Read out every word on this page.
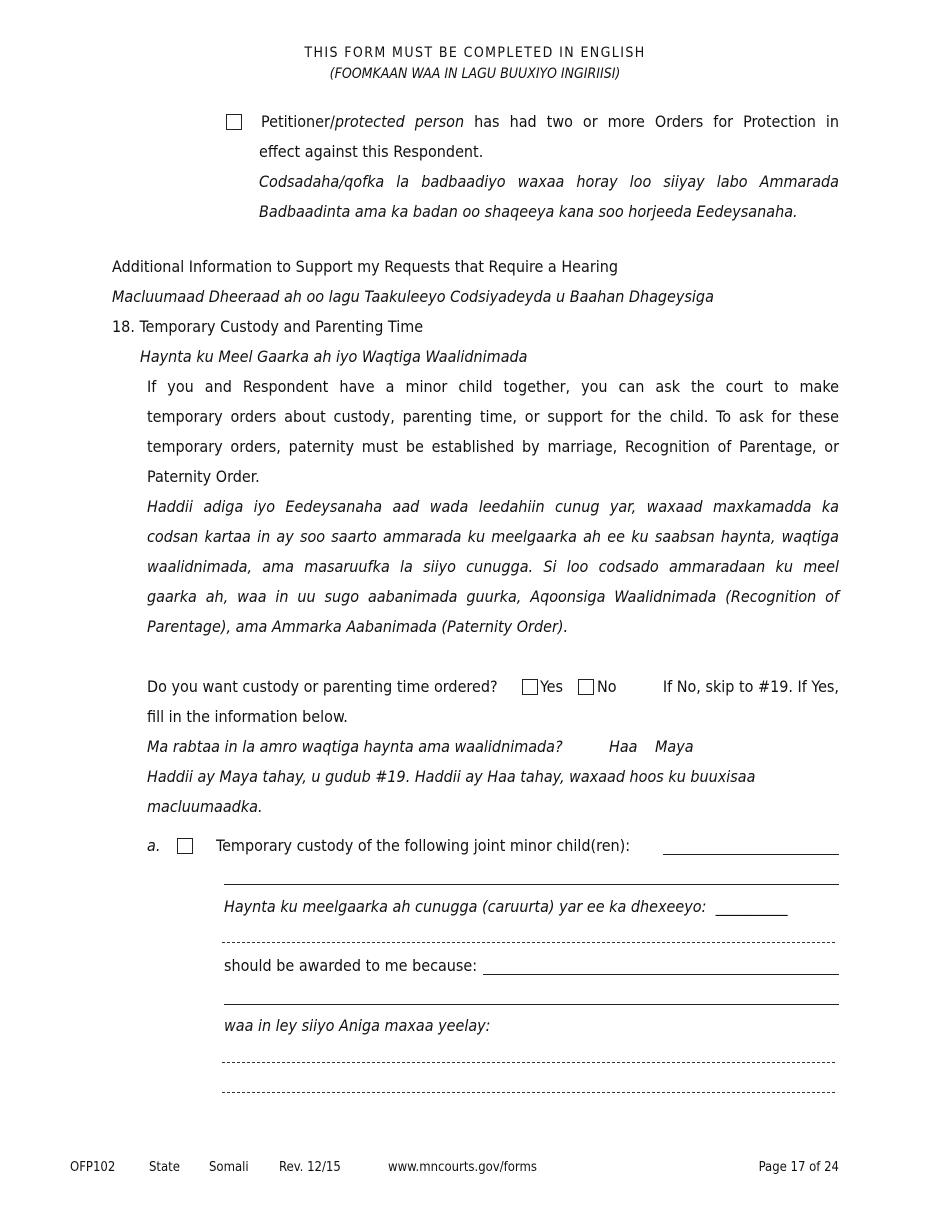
THIS FORM MUST BE COMPLETED IN ENGLISH
(FOOMKAAN WAA IN LAGU BUUXIYO INGIRIISI)
Petitioner/protected person has had two or more Orders for Protection in
effect against this Respondent.
Codsadaha/qofka la badbaadiyo waxaa horay loo siiyay labo Ammarada
Badbaadinta ama ka badan oo shaqeeya kana soo horjeeda Eedeysanaha.
Additional Information to Support my Requests that Require a Hearing
Macluumaad Dheeraad ah oo lagu Taakuleeyo Codsiyadeyda u Baahan Dhageysiga
18. Temporary Custody and Parenting Time
Haynta ku Meel Gaarka ah iyo Waqtiga Waalidnimada
If you and Respondent have a minor child together, you can ask the court to make
temporary orders about custody, parenting time, or support for the child. To ask for these
temporary orders, paternity must be established by marriage, Recognition of Parentage, or
Paternity Order.
Haddii adiga iyo Eedeysanaha aad wada leedahiin cunug yar, waxaad maxkamadda ka
codsan kartaa in ay soo saarto ammarada ku meelgaarka ah ee ku saabsan haynta, waqtiga
waalidnimada, ama masaruufka la siiyo cunugga. Si loo codsado ammaradaan ku meel
gaarka ah, waa in uu sugo aabanimada guurka, Aqoonsiga Waalidnimada (Recognition of
Parentage), ama Ammarka Aabanimada (Paternity Order).
Do you want custody or parenting time ordered?	Yes No	If No, skip to #19. If Yes,
fill in the information below.
Ma rabtaa in la amro waqtiga haynta ama waalidnimada?	Haa Maya
Haddii ay Maya tahay, u gudub #19. Haddii ay Haa tahay, waxaad hoos ku buuxisaa
macluumaadka.
a.	Temporary custody of the following joint minor child(ren):
Haynta ku meelgaarka ah cunugga (caruurta) yar ee ka dhexeeyo: __________
should be awarded to me because:
waa in ley siiyo Aniga maxaa yeelay:
OFP102	State Somali Rev. 12/15	www.mncourts.gov/forms	Page 17 of 24
